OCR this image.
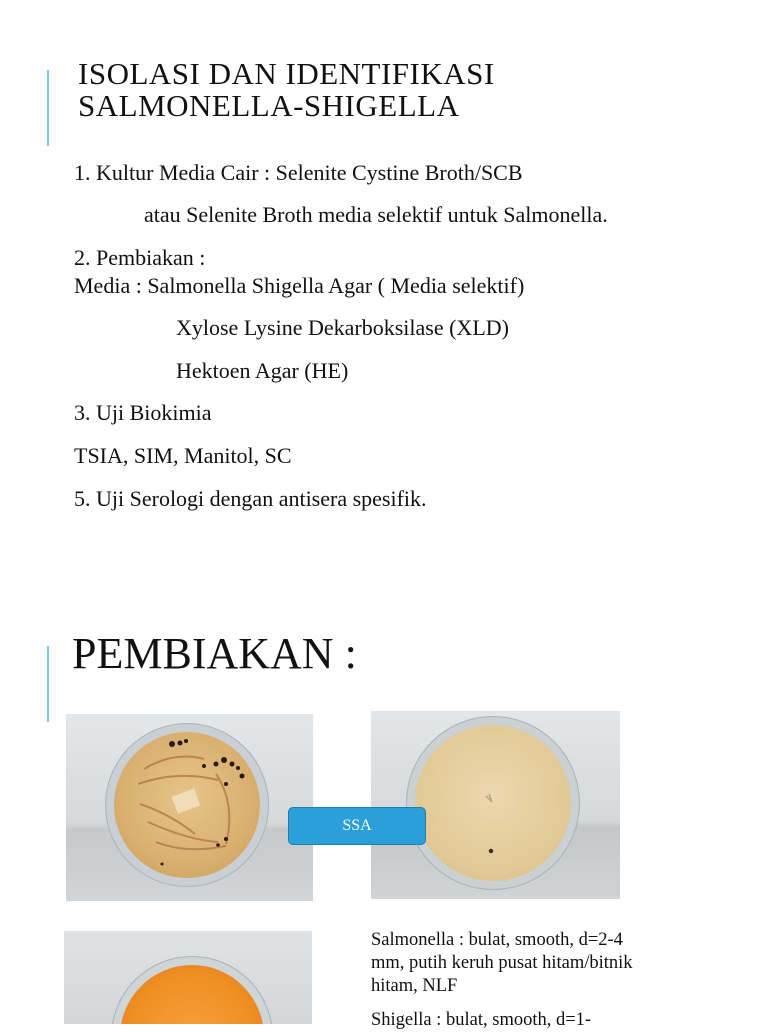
ISOLASI DAN IDENTIFIKASI
SALMONELLA-SHIGELLA
1. Kultur Media Cair : Selenite Cystine Broth/SCB
atau Selenite Broth media selektif untuk Salmonella.
2. Pembiakan :
Media : Salmonella Shigella Agar ( Media selektif)
Xylose Lysine Dekarboksilase (XLD)
Hektoen Agar (HE)
3. Uji Biokimia
TSIA, SIM, Manitol, SC
5. Uji Serologi dengan antisera spesifik.
PEMBIAKAN :
SSA

Salmonella : bulat, smooth, d=2-4 mm, putih keruh pusat hitam/bitnik hitam, NLF

Shigella : bulat, smooth, d=1-
